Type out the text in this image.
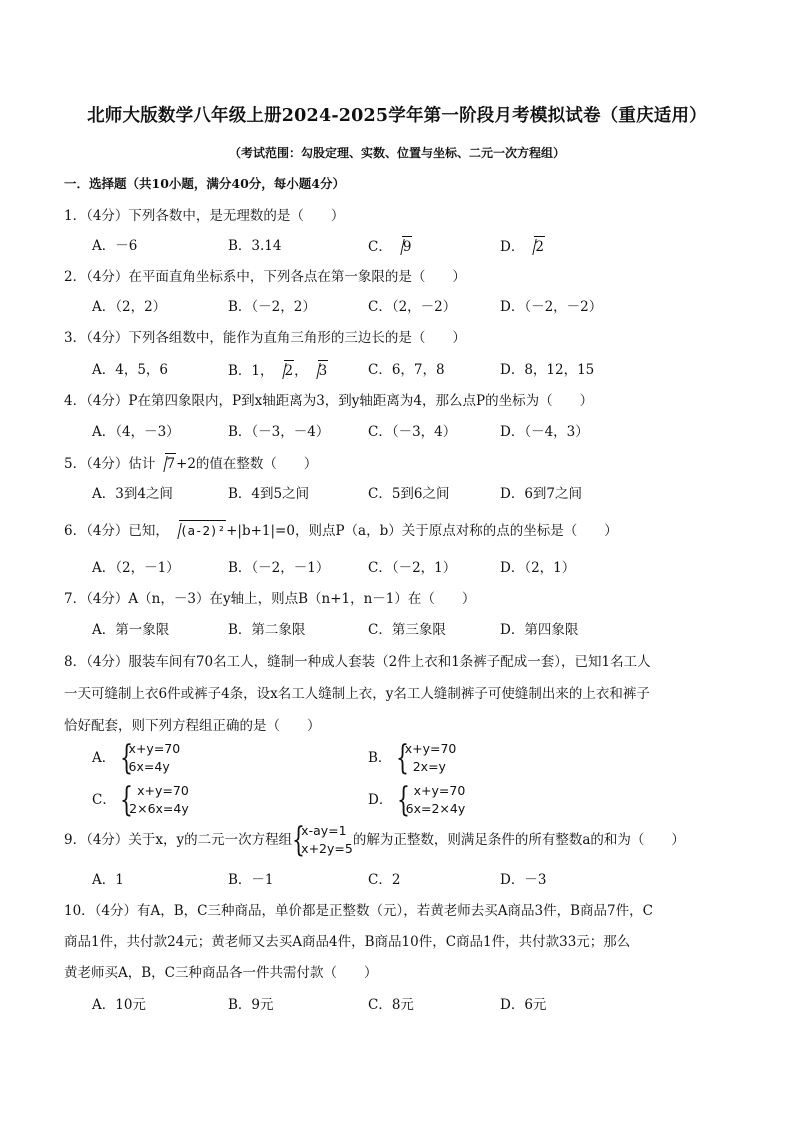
北师大版数学八年级上册2024-2025学年第一阶段月考模拟试卷（重庆适用）
（考试范围：勾股定理、实数、位置与坐标、二元一次方程组）
一．选择题（共10小题，满分40分，每小题4分）
1．（4分）下列各数中，是无理数的是（　　）
A．－6	B．3.14	C． 9	D． 2
2．（4分）在平面直角坐标系中，下列各点在第一象限的是（　　）
A．（2，2）	B．（－2，2）	C．（2，－2）	D．（－2，－2）
3．（4分）下列各组数中，能作为直角三角形的三边长的是（　　）
A．4，5，6	B．1， 2， 3	C．6，7，8	D．8，12，15
4．（4分）P在第四象限内，P到x轴距离为3，到y轴距离为4，那么点P的坐标为（　　）
A．（4，－3）	B．（－3，－4）	C．（－3，4）	D．（－4，3）
5．（4分）估计 7+2的值在整数（　　）
A．3到4之间	B．4到5之间	C．5到6之间	D．6到7之间
6．（4分）已知， (a-2)²+|b+1|=0，则点P（a，b）关于原点对称的点的坐标是（　　）
A．（2，－1）	B．（－2，－1）	C．（－2，1）	D．（2，1）
7．（4分）A（n，－3）在y轴上，则点B（n+1，n－1）在（　　）
A．第一象限	B．第二象限	C．第三象限	D．第四象限
8．（4分）服装车间有70名工人，缝制一种成人套装（2件上衣和1条裤子配成一套），已知1名工人
一天可缝制上衣6件或裤子4条，设x名工人缝制上衣，y名工人缝制裤子可使缝制出来的上衣和裤子
恰好配套，则下列方程组正确的是（　　）
A． {
x+y=70
6x=4y
B． {
x+y=70
2x=y
C． { x+y=70
2×6x=4y
D． { x+y=70
6x=2×4y
9．（4分）关于x，y的二元一次方程组 {
x-ay=1
x+2y=5
的解为正整数，则满足条件的所有整数a的和为（　　）
A．1	B．－1	C．2	D．－3
10．（4分）有A，B，C三种商品，单价都是正整数（元），若黄老师去买A商品3件，B商品7件，C
商品1件，共付款24元；黄老师又去买A商品4件，B商品10件，C商品1件，共付款33元；那么
黄老师买A，B，C三种商品各一件共需付款（　　）
A．10元	B．9元	C．8元	D．6元
